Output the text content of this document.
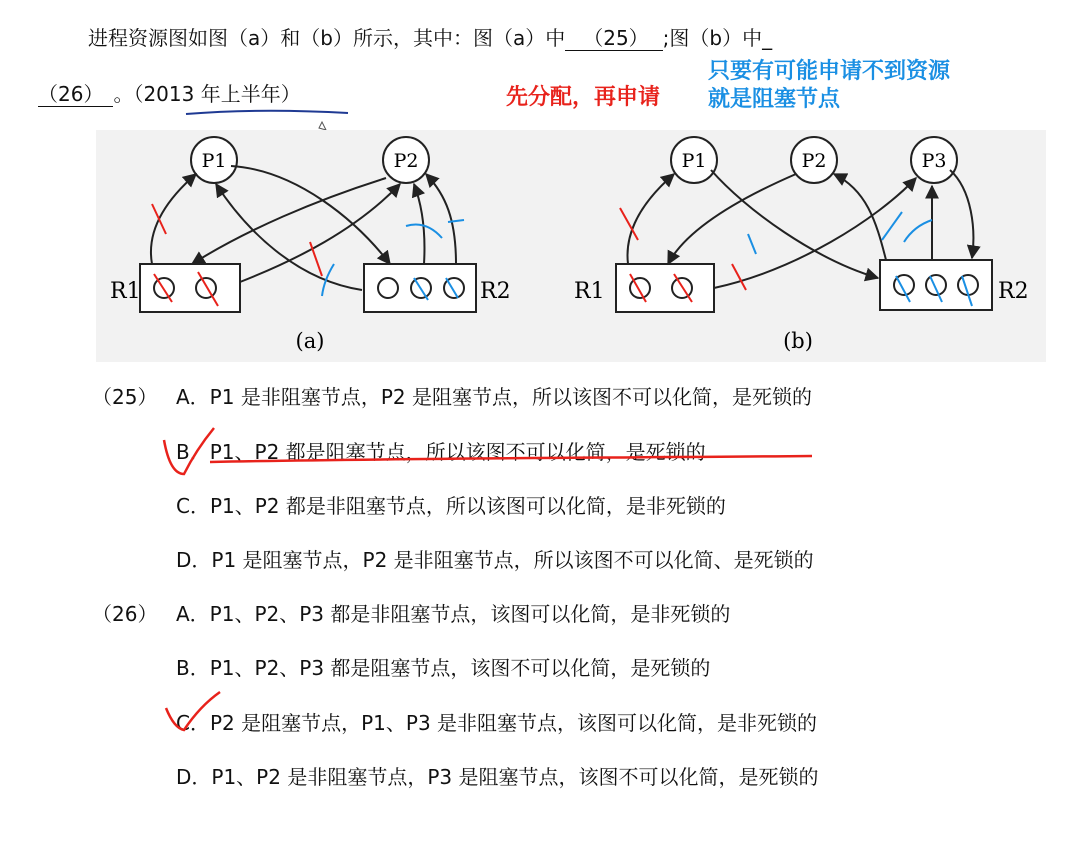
进程资源图如图（a）和（b）所示，其中：图（a）中 （25） ;图（b）中_
（26） 。（2013 年上半年）	先分配，再申请
只要有可能申请不到资源
就是阻塞节点
P1	P2
R1	R2
(a)
P1	P2	P3
R1	R2
(b)
（25） A．P1 是非阻塞节点，P2 是阻塞节点，所以该图不可以化简，是死锁的
B．P1、P2 都是阻塞节点，所以该图不可以化简，是死锁的
C．P1、P2 都是非阻塞节点，所以该图可以化简，是非死锁的
D．P1 是阻塞节点，P2 是非阻塞节点，所以该图不可以化简、是死锁的
（26） A．P1、P2、P3 都是非阻塞节点，该图可以化简，是非死锁的
B．P1、P2、P3 都是阻塞节点，该图不可以化简，是死锁的
C．P2 是阻塞节点，P1、P3 是非阻塞节点，该图可以化简，是非死锁的
D．P1、P2 是非阻塞节点，P3 是阻塞节点，该图不可以化简，是死锁的
